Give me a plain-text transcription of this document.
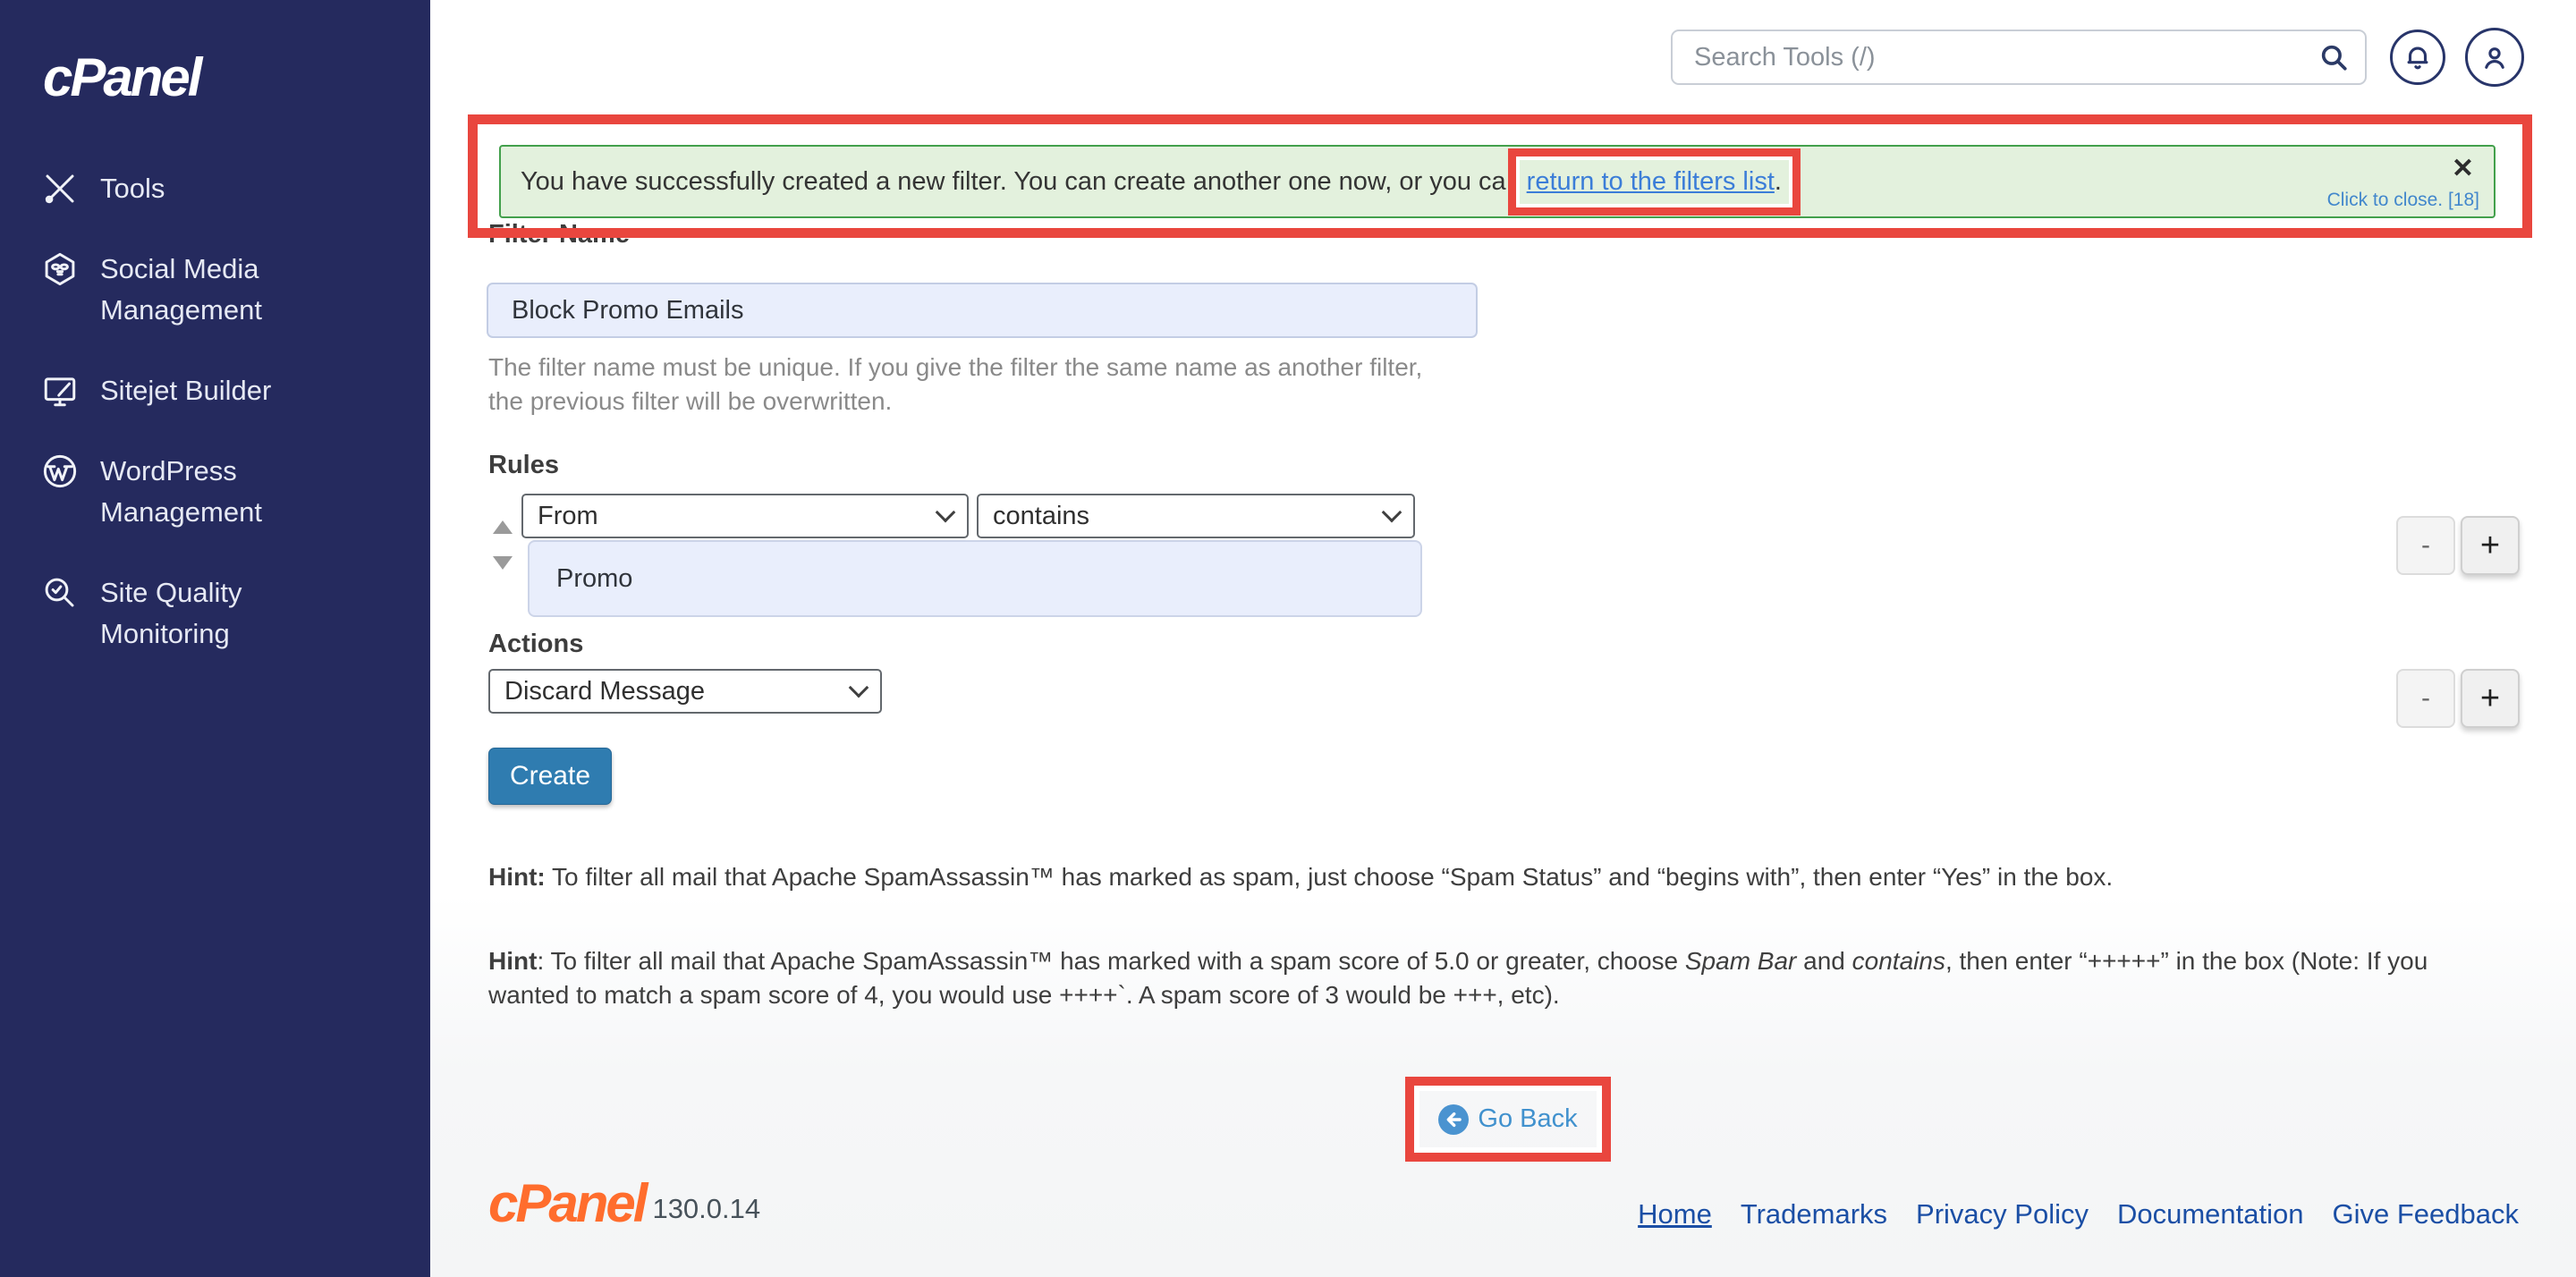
cPanel
Tools
Social Media Management
Sitejet Builder
WordPress Management
Site Quality Monitoring
Search Tools (/)
You have successfully created a new filter. You can create another one now, or you ca return to the filters list .	✕
Click to close. [18]
Filter Name
Block Promo Emails
The filter name must be unique. If you give the filter the same name as another filter, the previous filter will be overwritten.
Rules
From	contains
Promo
-	+
Actions
Discard Message	-	+
Create
Hint: To filter all mail that Apache SpamAssassin™ has marked as spam, just choose “Spam Status” and “begins with”, then enter “Yes” in the box.
Hint: To filter all mail that Apache SpamAssassin™ has marked with a spam score of 5.0 or greater, choose Spam Bar and contains, then enter “+++++” in the box (Note: If you wanted to match a spam score of 4, you would use ++++`. A spam score of 3 would be +++, etc).
Go Back
cPanel 130.0.14	Home Trademarks Privacy Policy Documentation Give Feedback
